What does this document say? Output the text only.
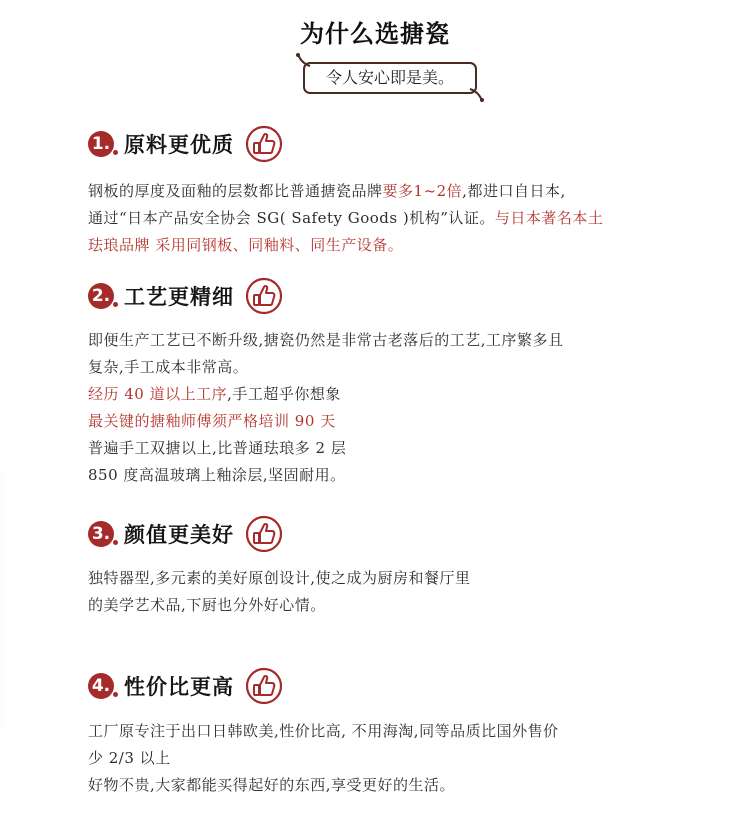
为什么选搪瓷
令人安心即是美。
1. 原料更优质
2. 工艺更精细
3. 颜值更美好
4. 性价比更高
钢板的厚度及面釉的层数都比普通搪瓷品牌要多1~2倍,都进口自日本,
通过“日本产品安全协会 SG( Safety Goods )机构”认证。与日本著名本土
珐琅品牌 采用同钢板、同釉料、同生产设备。
即便生产工艺已不断升级,搪瓷仍然是非常古老落后的工艺,工序繁多且
复杂,手工成本非常高。
经历 40 道以上工序,手工超乎你想象
最关键的搪釉师傅须严格培训 90 天
普遍手工双搪以上,比普通珐琅多 2 层
850 度高温玻璃上釉涂层,坚固耐用。
独特器型,多元素的美好原创设计,使之成为厨房和餐厅里
的美学艺术品,下厨也分外好心情。
工厂原专注于出口日韩欧美,性价比高, 不用海淘,同等品质比国外售价
少 2/3 以上
好物不贵,大家都能买得起好的东西,享受更好的生活。
